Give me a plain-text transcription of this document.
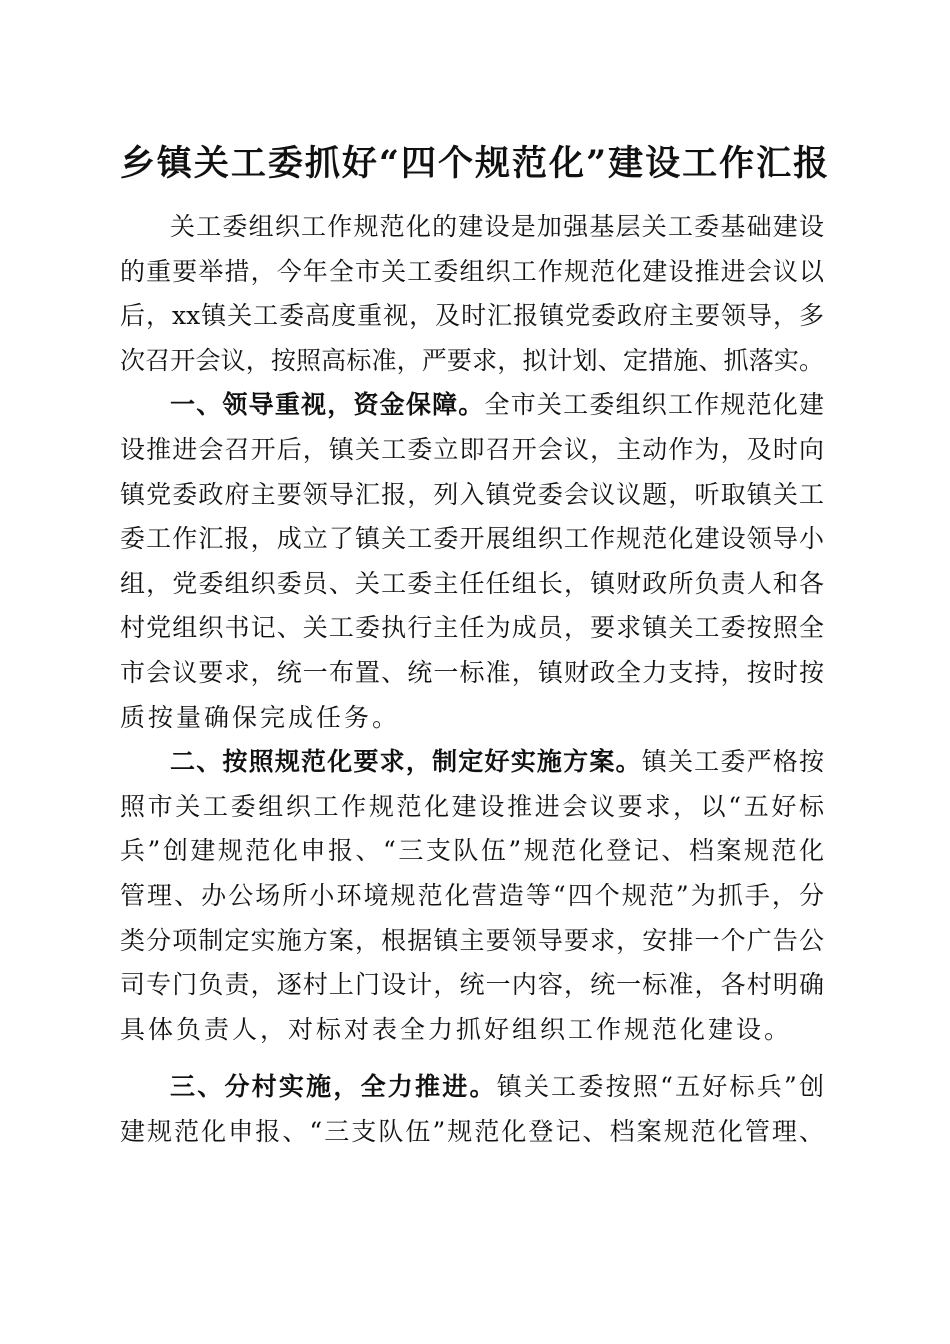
乡镇关工委抓好“四个规范化”建设工作汇报
关工委组织工作规范化的建设是加强基层关工委基础建设
的重要举措，今年全市关工委组织工作规范化建设推进会议以
后，xx镇关工委高度重视，及时汇报镇党委政府主要领导，多
次召开会议，按照高标准，严要求，拟计划、定措施、抓落实。
一、领导重视，资金保障。全市关工委组织工作规范化建
设推进会召开后，镇关工委立即召开会议，主动作为，及时向
镇党委政府主要领导汇报，列入镇党委会议议题，听取镇关工
委工作汇报，成立了镇关工委开展组织工作规范化建设领导小
组，党委组织委员、关工委主任任组长，镇财政所负责人和各
村党组织书记、关工委执行主任为成员，要求镇关工委按照全
市会议要求，统一布置、统一标准，镇财政全力支持，按时按
质按量确保完成任务。
二、按照规范化要求，制定好实施方案。镇关工委严格按
照市关工委组织工作规范化建设推进会议要求，以“五好标
兵”创建规范化申报、“三支队伍”规范化登记、档案规范化
管理、办公场所小环境规范化营造等“四个规范”为抓手，分
类分项制定实施方案，根据镇主要领导要求，安排一个广告公
司专门负责，逐村上门设计，统一内容，统一标准，各村明确
具体负责人，对标对表全力抓好组织工作规范化建设。
三、分村实施，全力推进。镇关工委按照“五好标兵”创
建规范化申报、“三支队伍”规范化登记、档案规范化管理、
